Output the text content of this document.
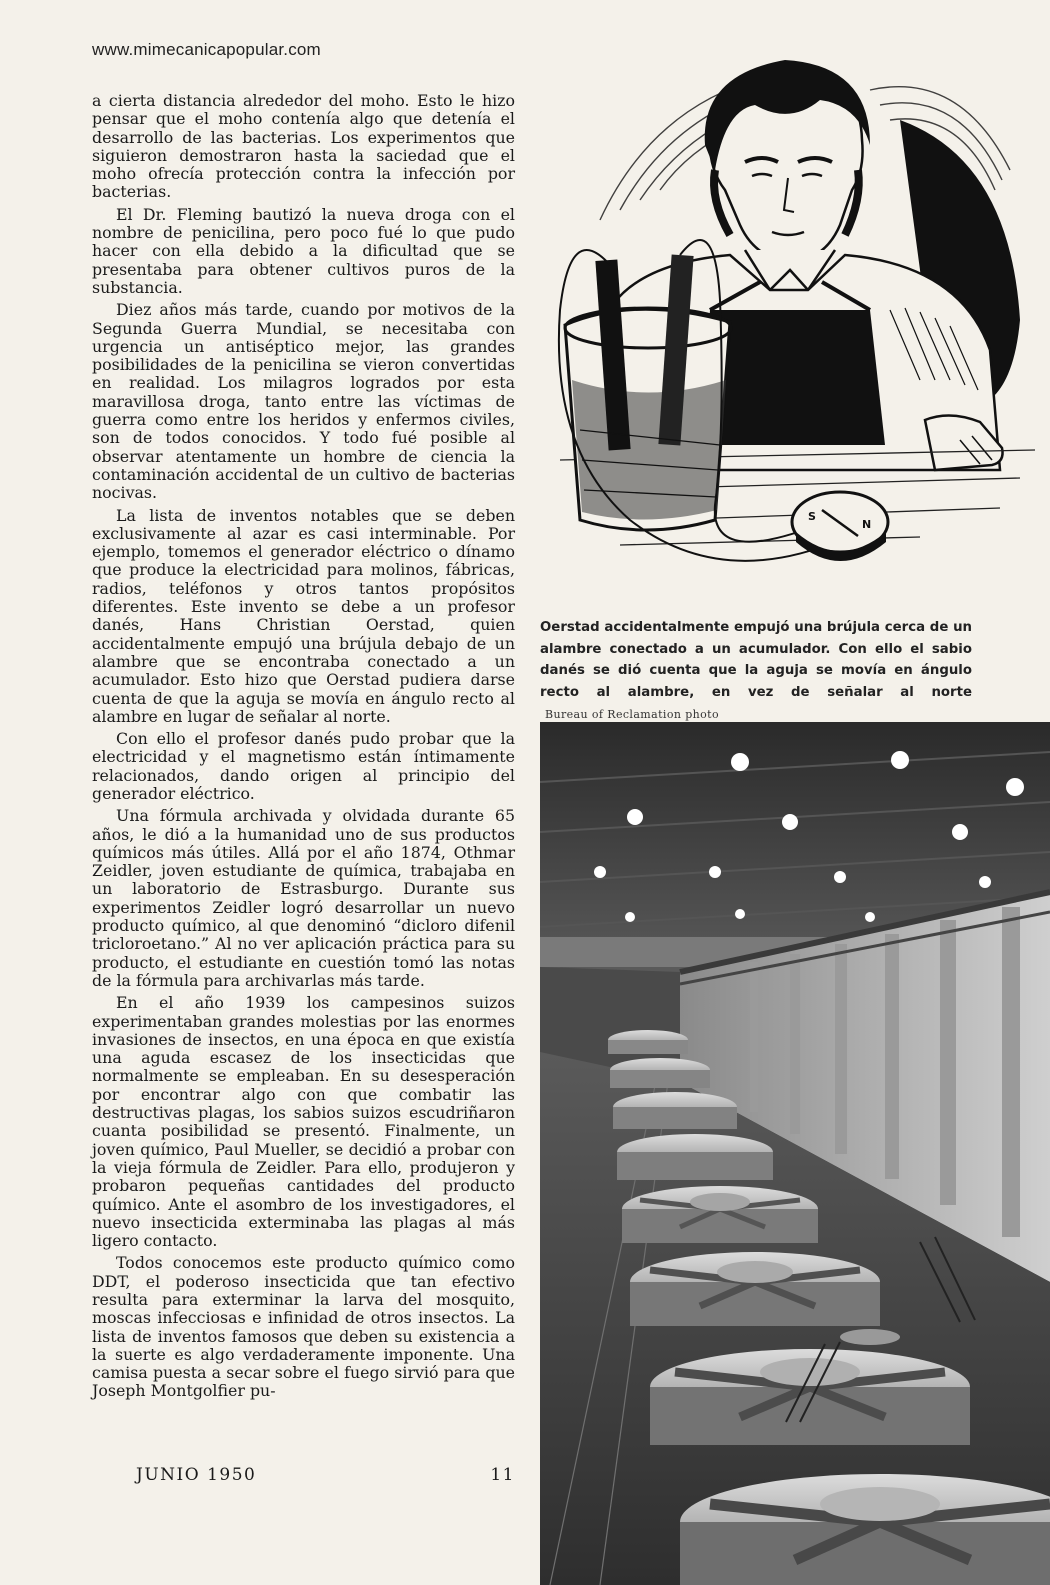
www.mimecanicapopular.com

a cierta distancia alrededor del moho. Esto le hizo pensar que el moho contenía algo que detenía el desarrollo de las bacterias. Los experimentos que siguieron demostraron hasta la saciedad que el moho ofrecía protección contra la infección por bacterias.

El Dr. Fleming bautizó la nueva droga con el nombre de penicilina, pero poco fué lo que pudo hacer con ella debido a la dificultad que se presentaba para obtener cultivos puros de la substancia.

Diez años más tarde, cuando por motivos de la Segunda Guerra Mundial, se necesitaba con urgencia un antiséptico mejor, las grandes posibilidades de la penicilina se vieron convertidas en realidad. Los milagros logrados por esta maravillosa droga, tanto entre las víctimas de guerra como entre los heridos y enfermos civiles, son de todos conocidos. Y todo fué posible al observar atentamente un hombre de ciencia la contaminación accidental de un cultivo de bacterias nocivas.

La lista de inventos notables que se deben exclusivamente al azar es casi interminable. Por ejemplo, tomemos el generador eléctrico o dínamo que produce la electricidad para molinos, fábricas, radios, teléfonos y otros tantos propósitos diferentes. Este invento se debe a un profesor danés, Hans Christian Oerstad, quien accidentalmente empujó una brújula debajo de un alambre que se encontraba conectado a un acumulador. Esto hizo que Oerstad pudiera darse cuenta de que la aguja se movía en ángulo recto al alambre en lugar de señalar al norte.

Con ello el profesor danés pudo probar que la electricidad y el magnetismo están íntimamente relacionados, dando origen al principio del generador eléctrico.

Una fórmula archivada y olvidada durante 65 años, le dió a la humanidad uno de sus productos químicos más útiles. Allá por el año 1874, Othmar Zeidler, joven estudiante de química, trabajaba en un laboratorio de Estrasburgo. Durante sus experimentos Zeidler logró desarrollar un nuevo producto químico, al que denominó “dicloro difenil tricloroetano.” Al no ver aplicación práctica para su producto, el estudiante en cuestión tomó las notas de la fórmula para archivarlas más tarde.

En el año 1939 los campesinos suizos experimentaban grandes molestias por las enormes invasiones de insectos, en una época en que existía una aguda escasez de los insecticidas que normalmente se empleaban. En su desesperación por encontrar algo con que combatir las destructivas plagas, los sabios suizos escudriñaron cuanta posibilidad se presentó. Finalmente, un joven químico, Paul Mueller, se decidió a probar con la vieja fórmula de Zeidler. Para ello, produjeron y probaron pequeñas cantidades del producto químico. Ante el asombro de los investigadores, el nuevo insecticida exterminaba las plagas al más ligero contacto.

Todos conocemos este producto químico como DDT, el poderoso insecticida que tan efectivo resulta para exterminar la larva del mosquito, moscas infecciosas e infinidad de otros insectos. La lista de inventos famosos que deben su existencia a la suerte es algo verdaderamente imponente. Una camisa puesta a secar sobre el fuego sirvió para que Joseph Montgolfier pu-

JUNIO 1950	11
S
N
Oerstad accidentalmente empujó una brújula cerca de un alambre conectado a un acumulador. Con ello el sabio danés se dió cuenta que la aguja se movía en ángulo recto al alambre, en vez de señalar al norte
Bureau of Reclamation photo
